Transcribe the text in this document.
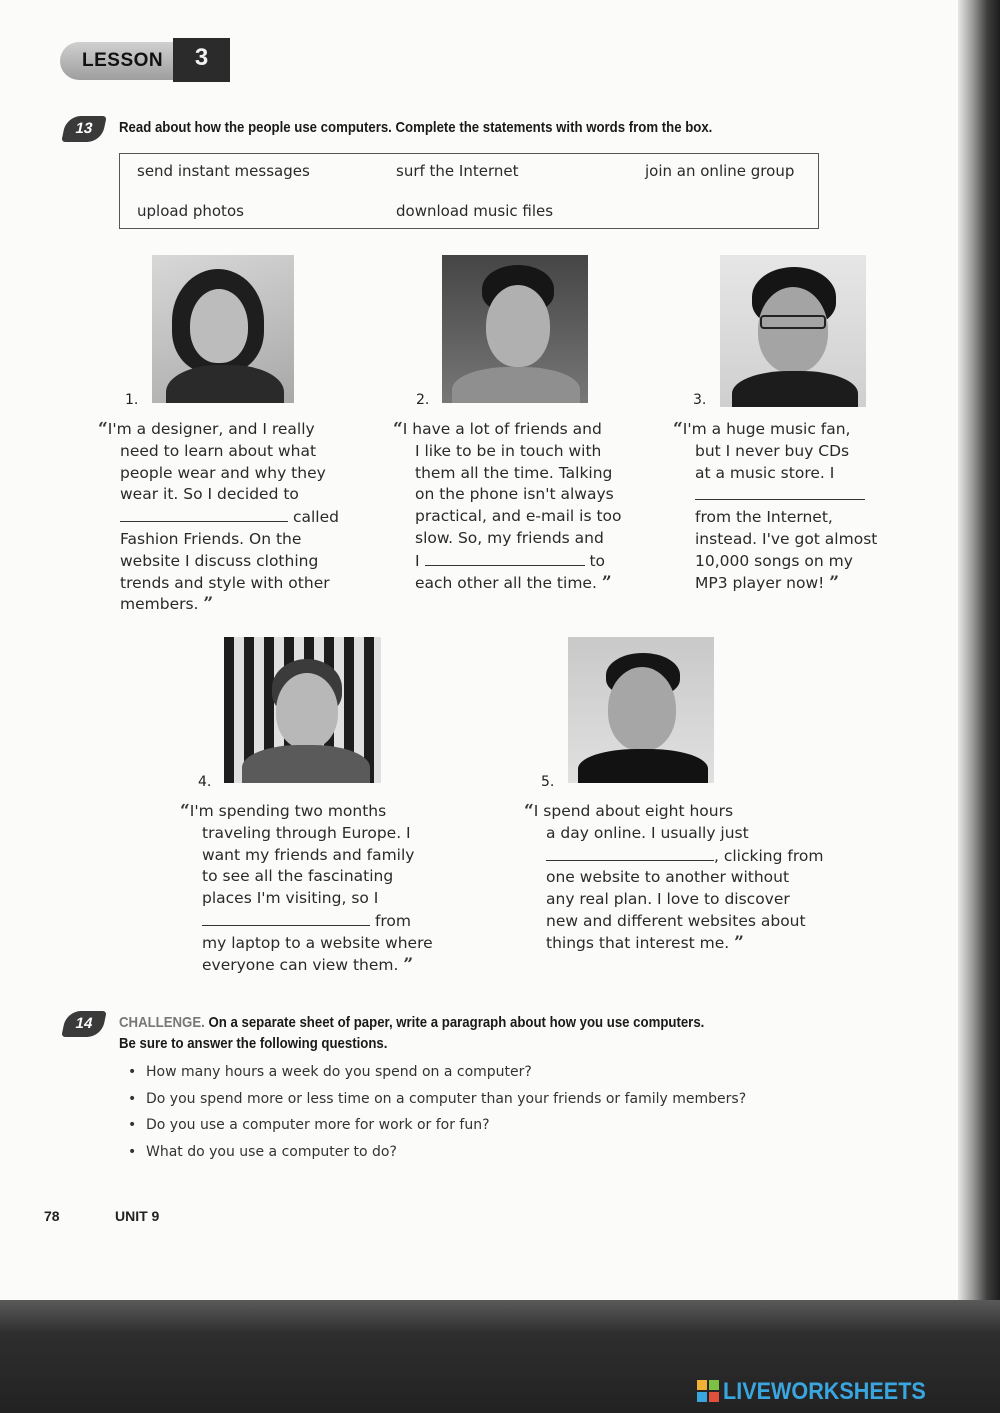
LESSON	3
13	Read about how the people use computers. Complete the statements with words from the box.
send instant messages	surf the Internet	join an online group
upload photos	download music files
1.	2.	3.
“I'm a designer, and I really
need to learn about what
people wear and why they
wear it. So I decided to
called
Fashion Friends. On the
website I discuss clothing
trends and style with other
members. ”
“I have a lot of friends and
I like to be in touch with
them all the time. Talking
on the phone isn't always
practical, and e-mail is too
slow. So, my friends and
I	to
each other all the time. ”
“I'm a huge music fan,
but I never buy CDs
at a music store. I
from the Internet,
instead. I've got almost
10,000 songs on my
MP3 player now! ”
4.	5.
“I'm spending two months
traveling through Europe. I
want my friends and family
to see all the fascinating
places I'm visiting, so I
from
my laptop to a website where
everyone can view them. ”
“I spend about eight hours
a day online. I usually just
, clicking from
one website to another without
any real plan. I love to discover
new and different websites about
things that interest me. ”
14	CHALLENGE. On a separate sheet of paper, write a paragraph about how you use computers.
Be sure to answer the following questions.
• How many hours a week do you spend on a computer?
• Do you spend more or less time on a computer than your friends or family members?
• Do you use a computer more for work or for fun?
• What do you use a computer to do?
78	UNIT 9
LIVEWORKSHEETS
